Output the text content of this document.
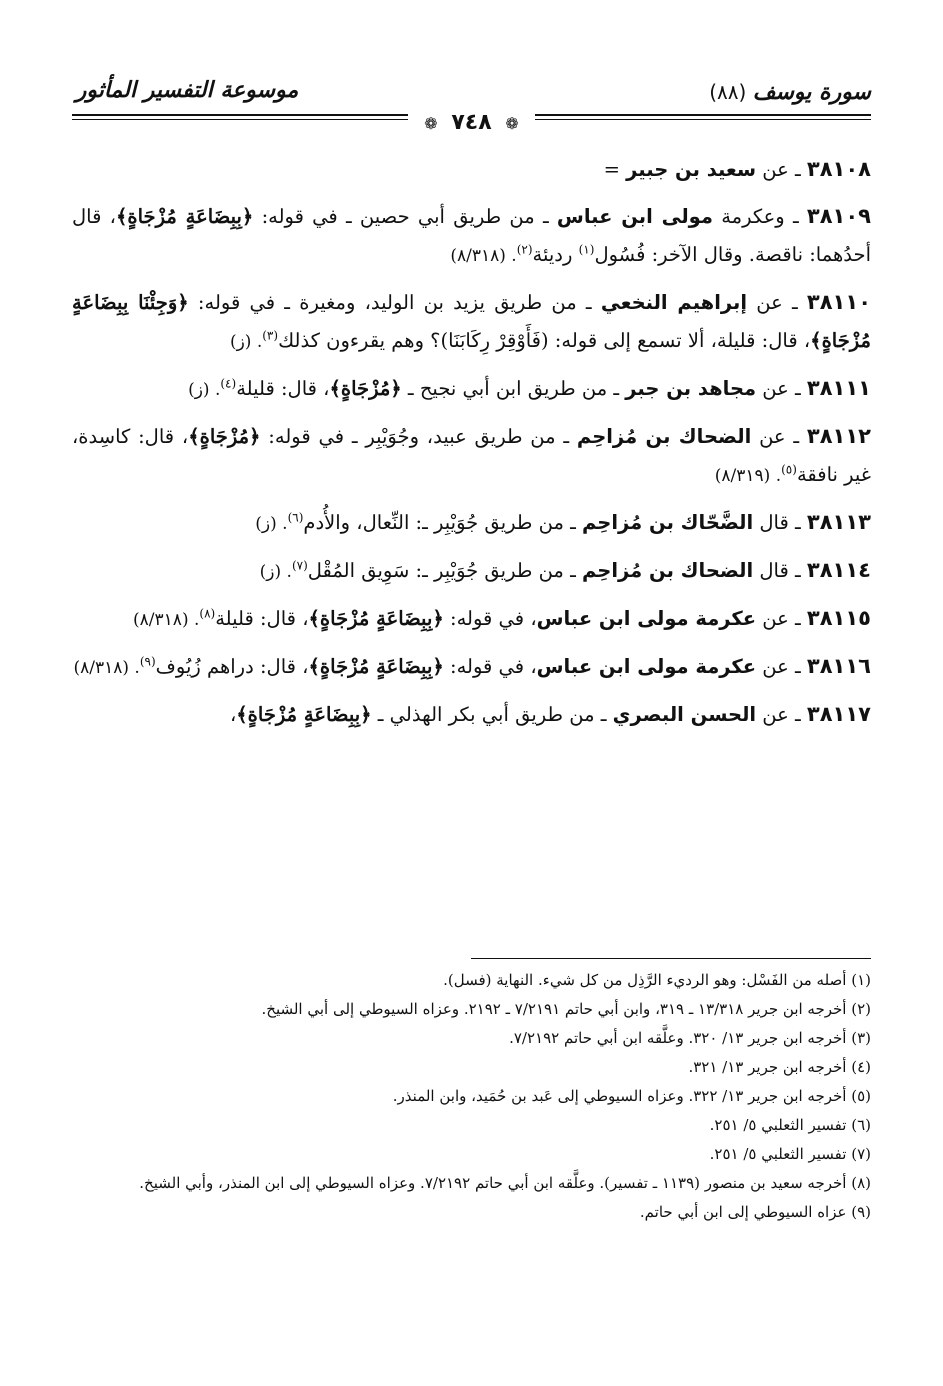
موسوعة التفسير المأثور	سورة يوسف (٨٨)
❁ ٧٤٨ ❁

٣٨١٠٨ ـ عن سعيد بن جبير =

٣٨١٠٩ ـ وعكرمة مولى ابن عباس ـ من طريق أبي حصين ـ في قوله: ﴿بِبِضَاعَةٍ مُزْجَاةٍ﴾، قال أحدُهما: ناقصة. وقال الآخر: فُسُول$^{(١)}$ رديئة$^{(٢)}$. (٨/٣١٨)

٣٨١١٠ ـ عن إبراهيم النخعي ـ من طريق يزيد بن الوليد، ومغيرة ـ في قوله: ﴿وَجِئْنَا بِبِضَاعَةٍ مُزْجَاةٍ﴾، قال: قليلة، ألا تسمع إلى قوله: (فَأَوْقِرْ رِكَابَنَا)؟ وهم يقرءون كذلك$^{(٣)}$. (ز)

٣٨١١١ ـ عن مجاهد بن جبر ـ من طريق ابن أبي نجيح ـ ﴿مُزْجَاةٍ﴾، قال: قليلة$^{(٤)}$. (ز)

٣٨١١٢ ـ عن الضحاك بن مُزاحِم ـ من طريق عبيد، وجُوَيْبِر ـ في قوله: ﴿مُزْجَاةٍ﴾، قال: كاسِدة، غير نافقة$^{(٥)}$. (٨/٣١٩)

٣٨١١٣ ـ قال الضَّحّاك بن مُزاحِم ـ من طريق جُوَيْبِر ـ: النِّعال، والأُدم$^{(٦)}$. (ز)

٣٨١١٤ ـ قال الضحاك بن مُزاحِم ـ من طريق جُوَيْبِر ـ: سَوِيق المُقْل$^{(٧)}$. (ز)

٣٨١١٥ ـ عن عكرمة مولى ابن عباس، في قوله: ﴿بِبِضَاعَةٍ مُزْجَاةٍ﴾، قال: قليلة$^{(٨)}$. (٨/٣١٨)

٣٨١١٦ ـ عن عكرمة مولى ابن عباس، في قوله: ﴿بِبِضَاعَةٍ مُزْجَاةٍ﴾، قال: دراهم زُيُوف$^{(٩)}$. (٨/٣١٨)

٣٨١١٧ ـ عن الحسن البصري ـ من طريق أبي بكر الهذلي ـ ﴿بِبِضَاعَةٍ مُزْجَاةٍ﴾،

(١) أصله من الفَسْل: وهو الرديء الرَّذِل من كل شيء. النهاية (فسل).

(٢) أخرجه ابن جرير ١٣/٣١٨ ـ ٣١٩، وابن أبي حاتم ٧/٢١٩١ ـ ٢١٩٢. وعزاه السيوطي إلى أبي الشيخ.

(٣) أخرجه ابن جرير ١٣/ ٣٢٠. وعلَّقه ابن أبي حاتم ٧/٢١٩٢.

(٤) أخرجه ابن جرير ١٣/ ٣٢١.

(٥) أخرجه ابن جرير ١٣/ ٣٢٢. وعزاه السيوطي إلى عَبد بن حُمَيد، وابن المنذر.

(٦) تفسير الثعلبي ٥/ ٢٥١.

(٧) تفسير الثعلبي ٥/ ٢٥١.

(٨) أخرجه سعيد بن منصور (١١٣٩ ـ تفسير). وعلَّقه ابن أبي حاتم ٧/٢١٩٢. وعزاه السيوطي إلى ابن المنذر، وأبي الشيخ.

(٩) عزاه السيوطي إلى ابن أبي حاتم.
